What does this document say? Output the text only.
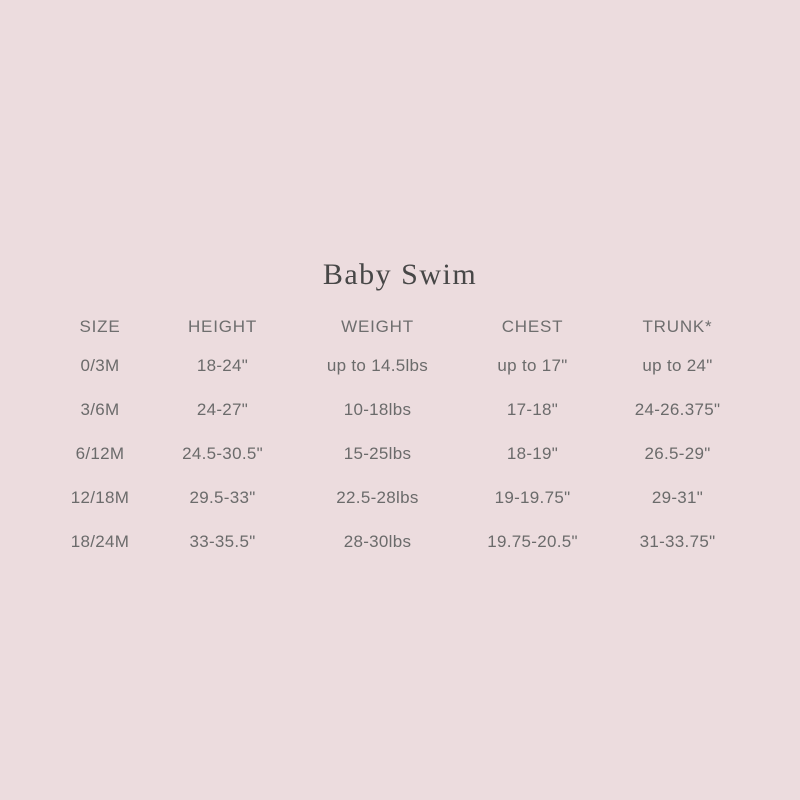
Baby Swim
SIZE	HEIGHT	WEIGHT	CHEST	TRUNK*
0/3M	18-24"	up to 14.5lbs	up to 17"	up to 24"
3/6M	24-27"	10-18lbs	17-18"	24-26.375"
6/12M	24.5-30.5"	15-25lbs	18-19"	26.5-29"
12/18M	29.5-33"	22.5-28lbs	19-19.75"	29-31"
18/24M	33-35.5"	28-30lbs	19.75-20.5"	31-33.75"
